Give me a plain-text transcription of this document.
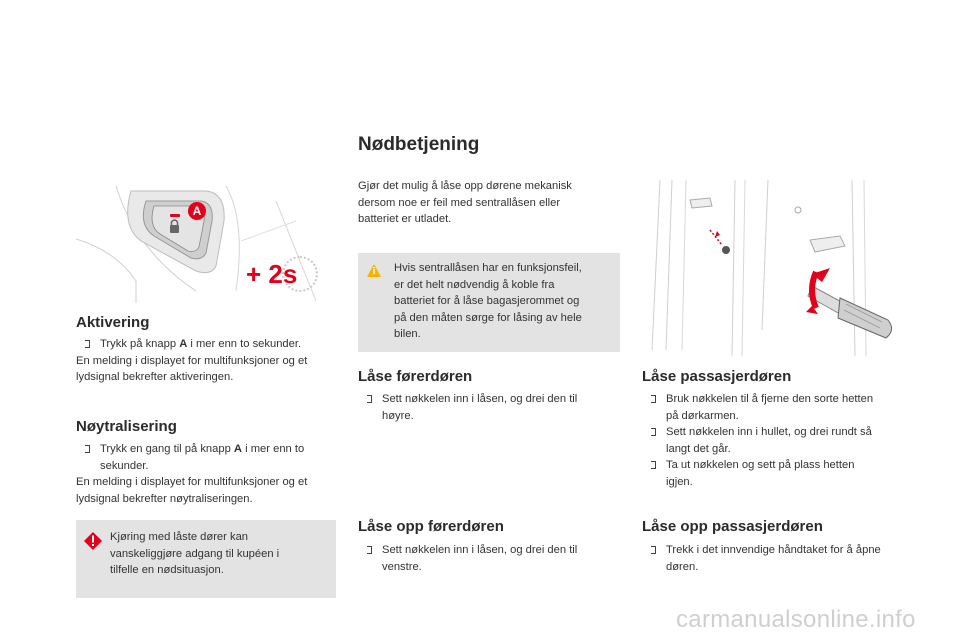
Nødbetjening
Gjør det mulig å låse opp dørene mekanisk
dersom noe er feil med sentrallåsen eller
batteriet er utladet.
Hvis sentrallåsen har en funksjonsfeil,
er det helt nødvendig å koble fra
batteriet for å låse bagasjerommet og
på den måten sørge for låsing av hele
bilen.
A
+ 2s
Aktivering
Trykk på knapp A i mer enn to sekunder.
En melding i displayet for multifunksjoner og et
lydsignal bekrefter aktiveringen.
Nøytralisering
Trykk en gang til på knapp A i mer enn to
sekunder.
En melding i displayet for multifunksjoner og et
lydsignal bekrefter nøytraliseringen.
Kjøring med låste dører kan
vanskeliggjøre adgang til kupéen i
tilfelle en nødsituasjon.
Låse førerdøren
Sett nøkkelen inn i låsen, og drei den til
høyre.
Låse opp førerdøren
Sett nøkkelen inn i låsen, og drei den til
venstre.
Låse passasjerdøren
Bruk nøkkelen til å fjerne den sorte hetten
på dørkarmen.
Sett nøkkelen inn i hullet, og drei rundt så
langt det går.
Ta ut nøkkelen og sett på plass hetten
igjen.
Låse opp passasjerdøren
Trekk i det innvendige håndtaket for å åpne
døren.
carmanualsonline.info
